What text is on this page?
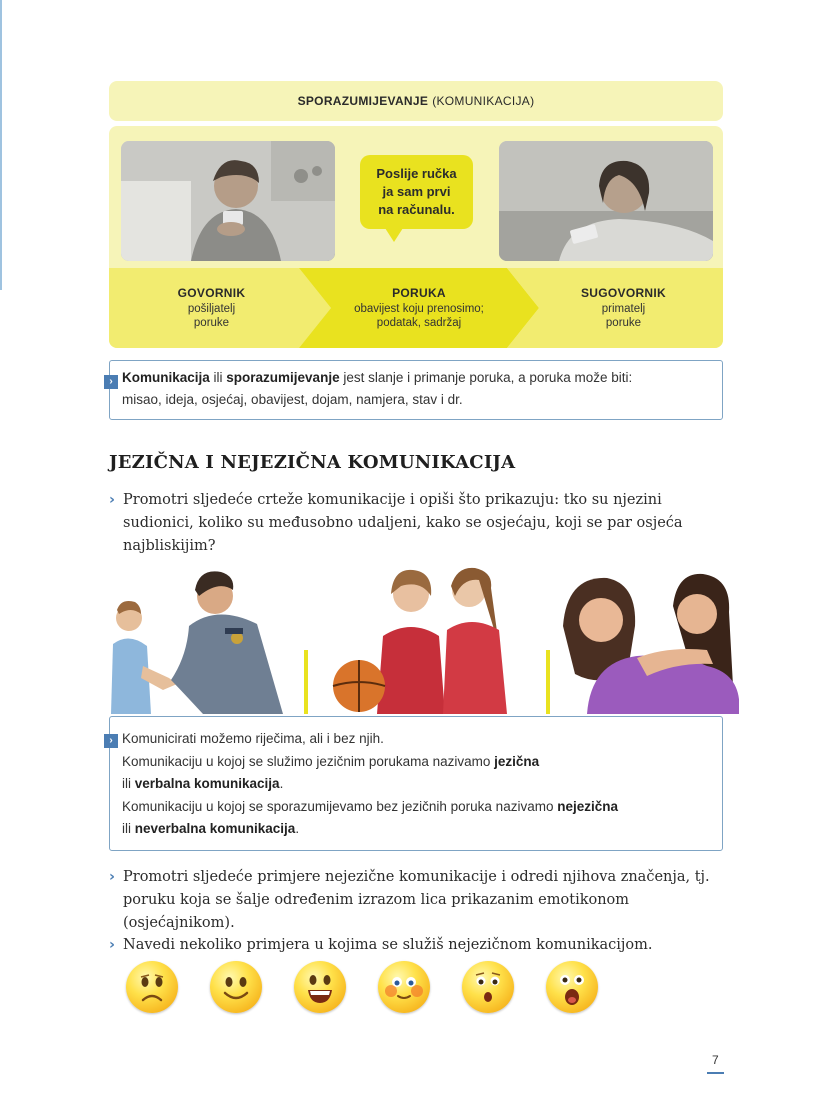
SPORAZUMIJEVANJE (KOMUNIKACIJA)
Poslije ručka
ja sam prvi
na računalu.
GOVORNIK
pošiljatelj
poruke
PORUKA
obavijest koju prenosimo;
podatak, sadržaj
SUGOVORNIK
primatelj
poruke
› Komunikacija ili sporazumijevanje jest slanje i primanje poruka, a poruka može biti:
misao, ideja, osjećaj, obavijest, dojam, namjera, stav i dr.
JEZIČNA I NEJEZIČNA KOMUNIKACIJA
› Promotri sljedeće crteže komunikacije i opiši što prikazuju: tko su njezini sudionici, koliko su međusobno udaljeni, kako se osjećaju, koji se par osjeća najbliskijim?
› Komunicirati možemo riječima, ali i bez njih.
Komunikaciju u kojoj se služimo jezičnim porukama nazivamo jezična
ili verbalna komunikacija.
Komunikaciju u kojoj se sporazumijevamo bez jezičnih poruka nazivamo nejezična
ili neverbalna komunikacija.
› Promotri sljedeće primjere nejezične komunikacije i odredi njihova značenja, tj. poruku koja se šalje određenim izrazom lica prikazanim emotikonom (osjećajnikom).
› Navedi nekoliko primjera u kojima se služiš nejezičnom komunikacijom.
7
